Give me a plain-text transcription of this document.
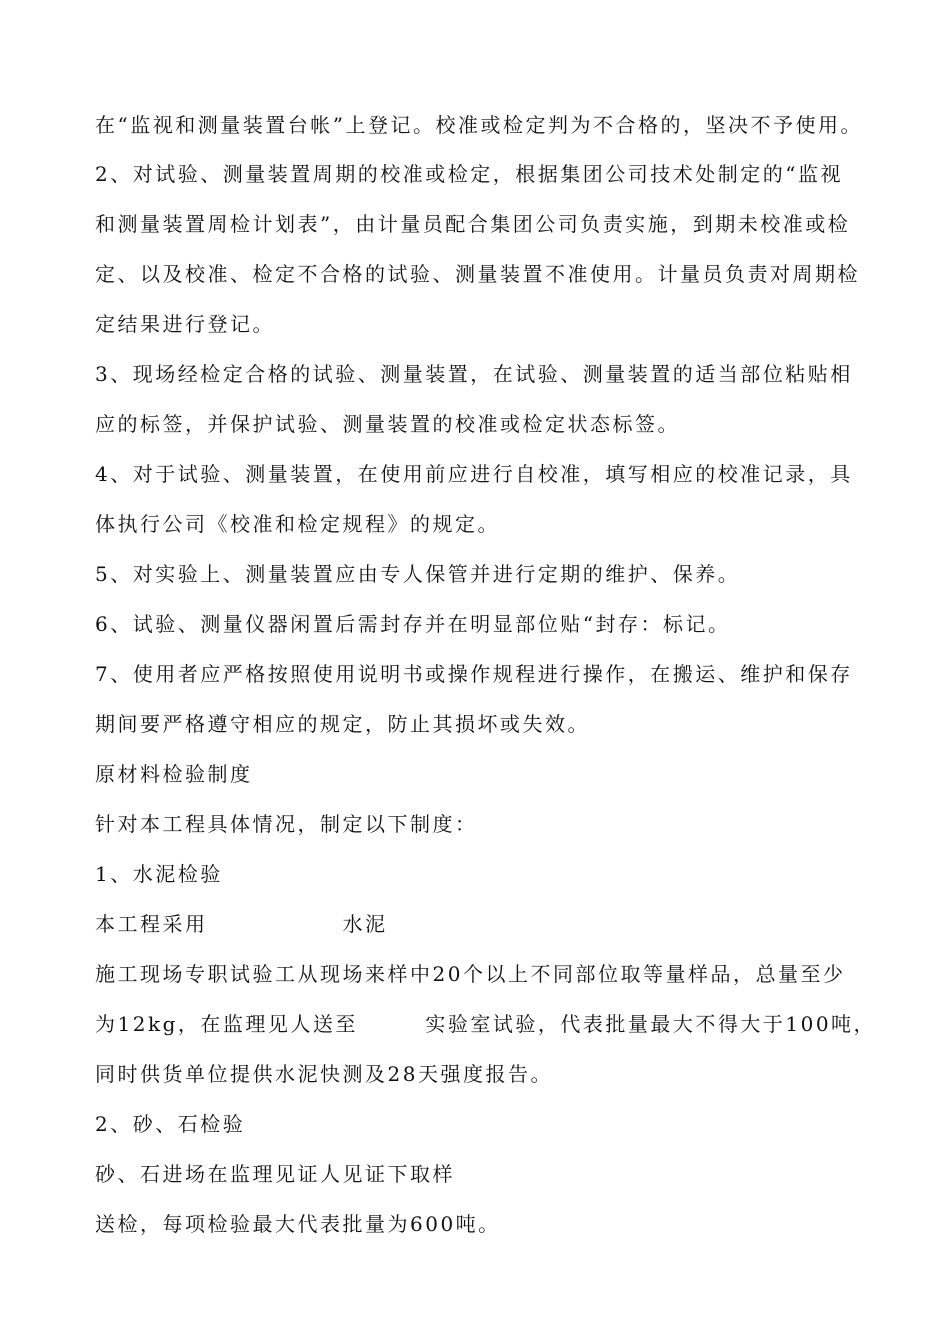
在“监视和测量装置台帐”上登记。校准或检定判为不合格的，坚决不予使用。
2、对试验、测量装置周期的校准或检定，根据集团公司技术处制定的“监视
和测量装置周检计划表”，由计量员配合集团公司负责实施，到期未校准或检
定、以及校准、检定不合格的试验、测量装置不准使用。计量员负责对周期检
定结果进行登记。
3、现场经检定合格的试验、测量装置，在试验、测量装置的适当部位粘贴相
应的标签，并保护试验、测量装置的校准或检定状态标签。
4、对于试验、测量装置，在使用前应进行自校准，填写相应的校准记录，具
体执行公司《校准和检定规程》的规定。
5、对实验上、测量装置应由专人保管并进行定期的维护、保养。
6、试验、测量仪器闲置后需封存并在明显部位贴“封存：标记。
7、使用者应严格按照使用说明书或操作规程进行操作，在搬运、维护和保存
期间要严格遵守相应的规定，防止其损坏或失效。
原材料检验制度
针对本工程具体情况，制定以下制度：
1、水泥检验
本工程采用　　　　　　水泥
施工现场专职试验工从现场来样中20个以上不同部位取等量样品，总量至少
为12kg，在监理见人送至　　　实验室试验，代表批量最大不得大于100吨，
同时供货单位提供水泥快测及28天强度报告。
2、砂、石检验
砂、石进场在监理见证人见证下取样
送检，每项检验最大代表批量为600吨。
